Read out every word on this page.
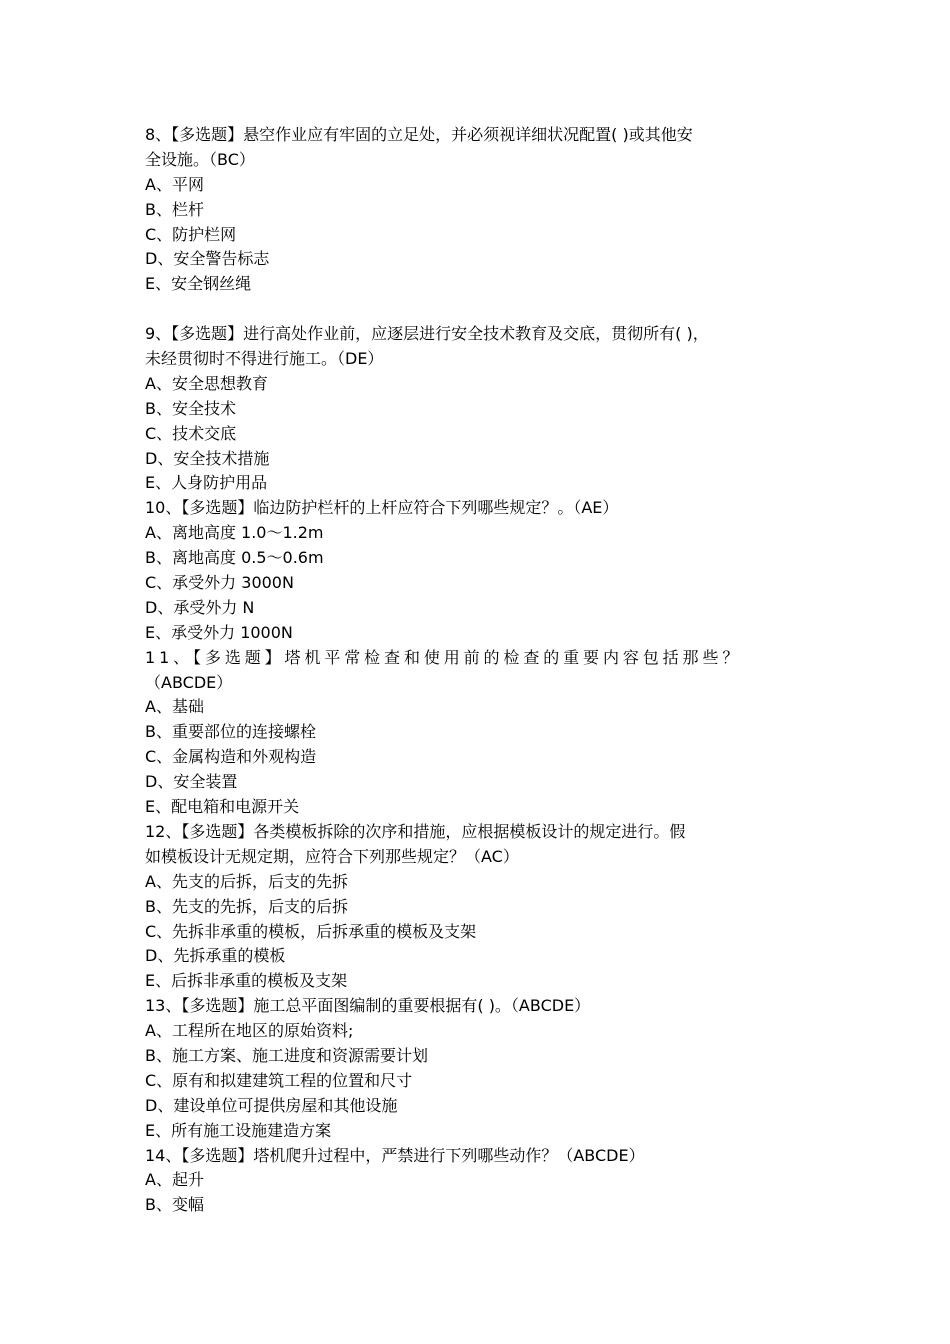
8、【多选题】悬空作业应有牢固的立足处，并必须视详细状况配置( )或其他安
全设施。（BC）
A、平网
B、栏杆
C、防护栏网
D、安全警告标志
E、安全钢丝绳
9、【多选题】进行高处作业前，应逐层进行安全技术教育及交底，贯彻所有( )，
未经贯彻时不得进行施工。（DE）
A、安全思想教育
B、安全技术
C、技术交底
D、安全技术措施
E、人身防护用品
10、【多选题】临边防护栏杆的上杆应符合下列哪些规定？。（AE）
A、离地高度 1.0～1.2m
B、离地高度 0.5～0.6m
C、承受外力 3000N
D、承受外力 N
E、承受外力 1000N
11、【多选题】塔机平常检查和使用前的检查的重要内容包括那些？
（ABCDE）
A、基础
B、重要部位的连接螺栓
C、金属构造和外观构造
D、安全装置
E、配电箱和电源开关
12、【多选题】各类模板拆除的次序和措施，应根据模板设计的规定进行。假
如模板设计无规定期，应符合下列那些规定？（AC）
A、先支的后拆，后支的先拆
B、先支的先拆，后支的后拆
C、先拆非承重的模板，后拆承重的模板及支架
D、先拆承重的模板
E、后拆非承重的模板及支架
13、【多选题】施工总平面图编制的重要根据有( )。（ABCDE）
A、工程所在地区的原始资料;
B、施工方案、施工进度和资源需要计划
C、原有和拟建建筑工程的位置和尺寸
D、建设单位可提供房屋和其他设施
E、所有施工设施建造方案
14、【多选题】塔机爬升过程中，严禁进行下列哪些动作？（ABCDE）
A、起升
B、变幅
